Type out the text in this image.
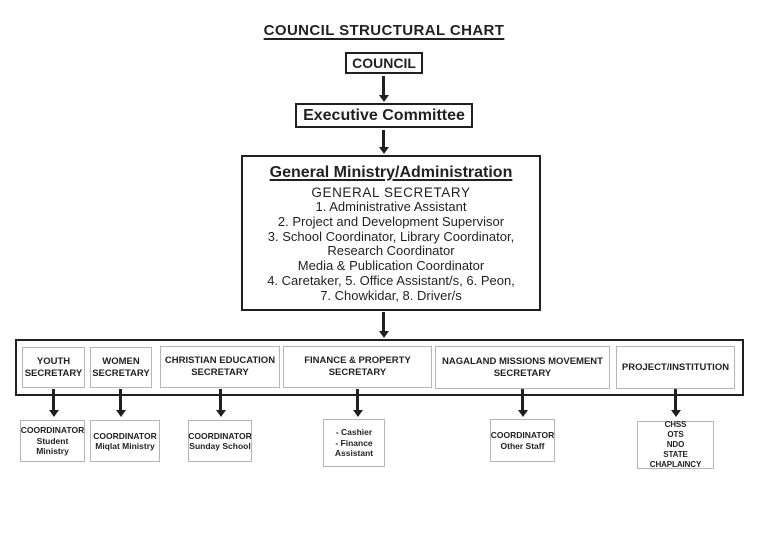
COUNCIL STRUCTURAL CHART
COUNCIL
Executive Committee
General Ministry/Administration
GENERAL SECRETARY
1. Administrative Assistant
2. Project and Development Supervisor
3. School Coordinator, Library Coordinator,
Research Coordinator
Media & Publication Coordinator
4. Caretaker, 5. Office Assistant/s, 6. Peon,
7. Chowkidar, 8. Driver/s
YOUTH
SECRETARY
WOMEN
SECRETARY
CHRISTIAN EDUCATION
SECRETARY
FINANCE & PROPERTY
SECRETARY
NAGALAND MISSIONS MOVEMENT
SECRETARY
PROJECT/INSTITUTION
COORDINATOR
Student Ministry
COORDINATOR
Miqlat Ministry
COORDINATOR
Sunday School
- Cashier
- Finance
Assistant
COORDINATOR
Other Staff
CHSS
OTS
NDO
STATE CHAPLAINCY
